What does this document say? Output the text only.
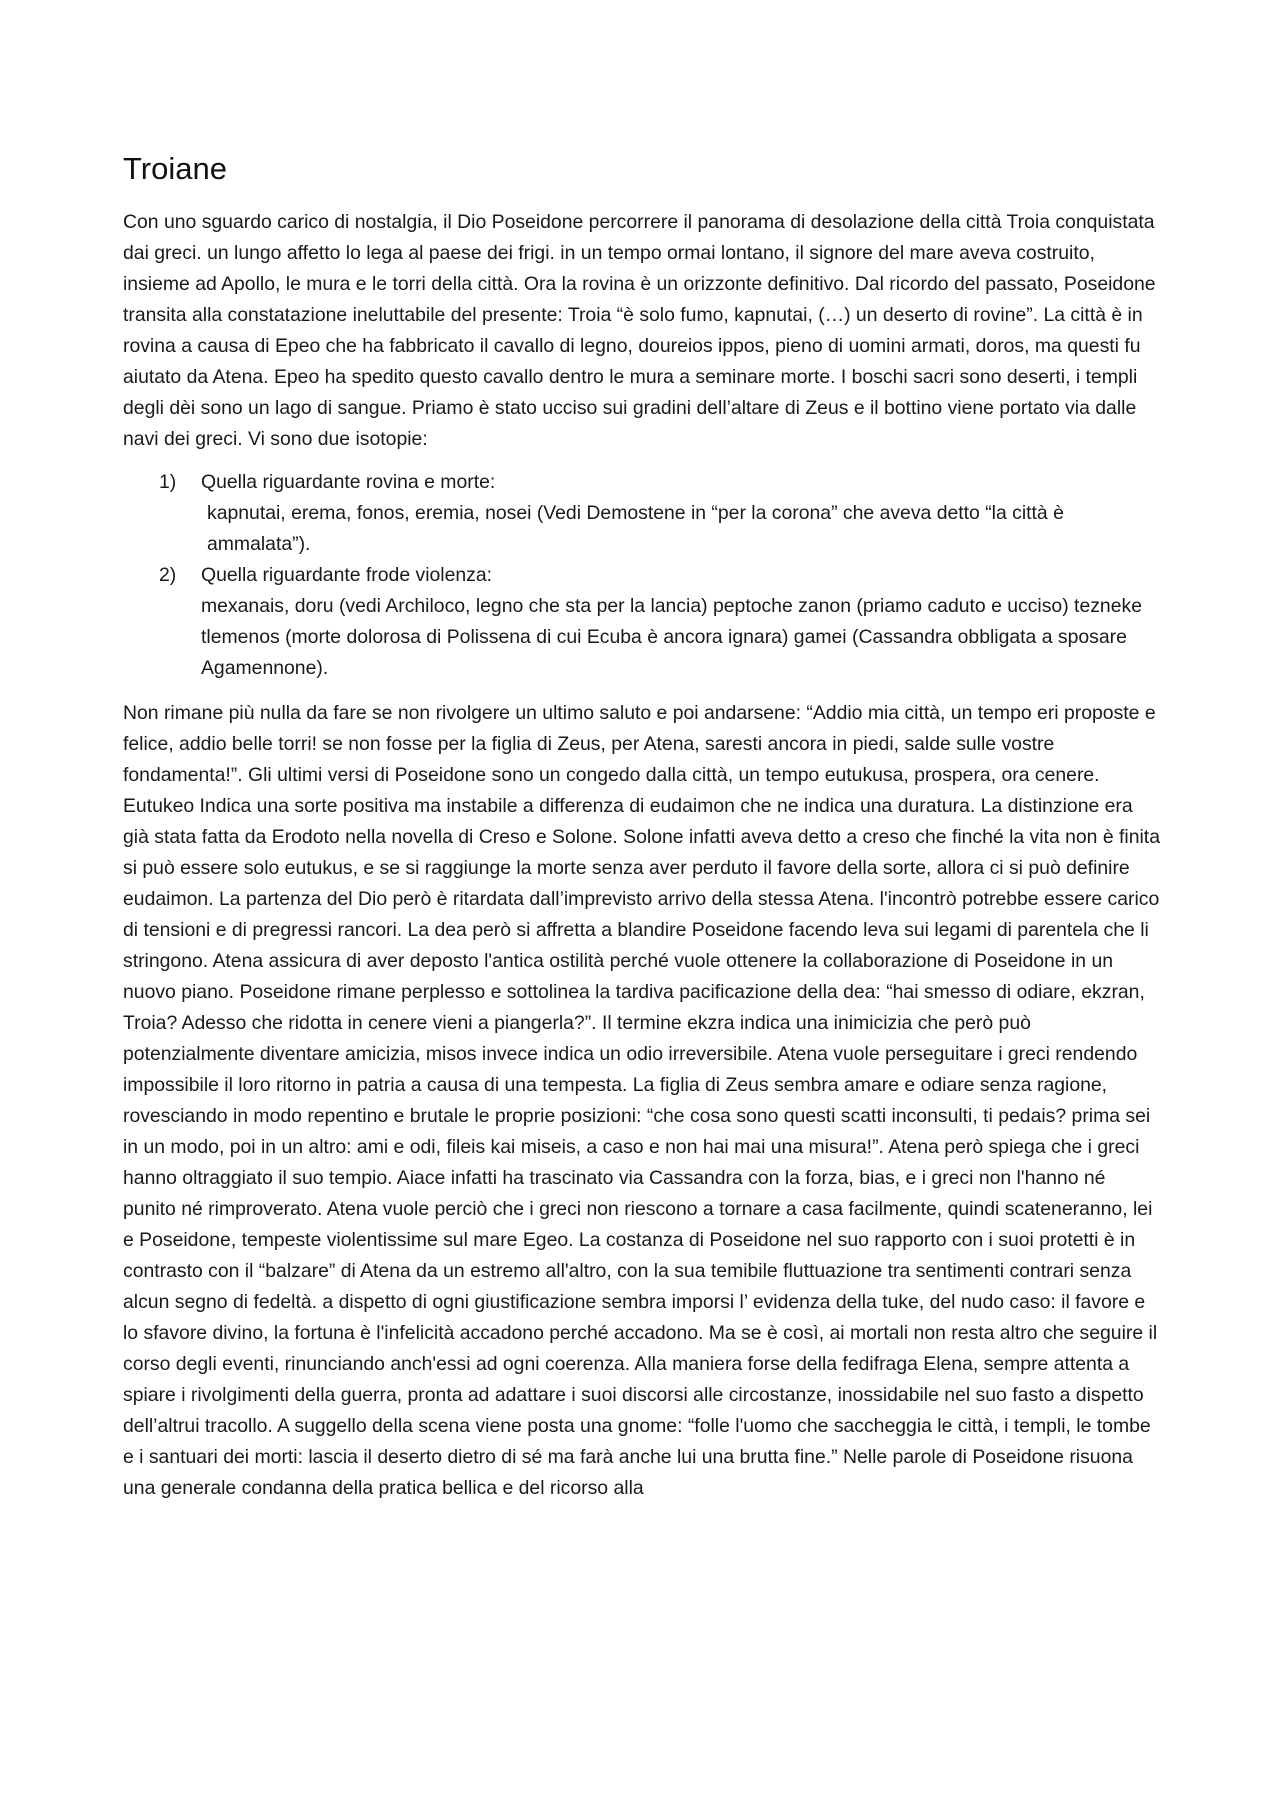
Troiane

Con uno sguardo carico di nostalgia, il Dio Poseidone percorrere il panorama di desolazione della città Troia conquistata dai greci. un lungo affetto lo lega al paese dei frigi. in un tempo ormai lontano, il signore del mare aveva costruito, insieme ad Apollo, le mura e le torri della città. Ora la rovina è un orizzonte definitivo. Dal ricordo del passato, Poseidone transita alla constatazione ineluttabile del presente: Troia “è solo fumo, kapnutai, (…) un deserto di rovine”. La città è in rovina a causa di Epeo che ha fabbricato il cavallo di legno, doureios ippos, pieno di uomini armati, doros, ma questi fu aiutato da Atena. Epeo ha spedito questo cavallo dentro le mura a seminare morte. I boschi sacri sono deserti, i templi degli dèi sono un lago di sangue. Priamo è stato ucciso sui gradini dell’altare di Zeus e il bottino viene portato via dalle navi dei greci. Vi sono due isotopie:

1) Quella riguardante rovina e morte:
kapnutai, erema, fonos, eremia, nosei (Vedi Demostene in “per la corona” che aveva detto “la città è ammalata”).
2) Quella riguardante frode violenza:
mexanais, doru (vedi Archiloco, legno che sta per la lancia) peptoche zanon (priamo caduto e ucciso) tezneke tlemenos (morte dolorosa di Polissena di cui Ecuba è ancora ignara) gamei (Cassandra obbligata a sposare Agamennone).

Non rimane più nulla da fare se non rivolgere un ultimo saluto e poi andarsene: “Addio mia città, un tempo eri proposte e felice, addio belle torri! se non fosse per la figlia di Zeus, per Atena, saresti ancora in piedi, salde sulle vostre fondamenta!”. Gli ultimi versi di Poseidone sono un congedo dalla città, un tempo eutukusa, prospera, ora cenere. Eutukeo Indica una sorte positiva ma instabile a differenza di eudaimon che ne indica una duratura. La distinzione era già stata fatta da Erodoto nella novella di Creso e Solone. Solone infatti aveva detto a creso che finché la vita non è finita si può essere solo eutukus, e se si raggiunge la morte senza aver perduto il favore della sorte, allora ci si può definire eudaimon. La partenza del Dio però è ritardata dall’imprevisto arrivo della stessa Atena. l'incontrò potrebbe essere carico di tensioni e di pregressi rancori. La dea però si affretta a blandire Poseidone facendo leva sui legami di parentela che li stringono. Atena assicura di aver deposto l'antica ostilità perché vuole ottenere la collaborazione di Poseidone in un nuovo piano. Poseidone rimane perplesso e sottolinea la tardiva pacificazione della dea: “hai smesso di odiare, ekzran, Troia? Adesso che ridotta in cenere vieni a piangerla?”. Il termine ekzra indica una inimicizia che però può potenzialmente diventare amicizia, misos invece indica un odio irreversibile. Atena vuole perseguitare i greci rendendo impossibile il loro ritorno in patria a causa di una tempesta. La figlia di Zeus sembra amare e odiare senza ragione, rovesciando in modo repentino e brutale le proprie posizioni: “che cosa sono questi scatti inconsulti, ti pedais? prima sei in un modo, poi in un altro: ami e odi, fileis kai miseis, a caso e non hai mai una misura!”. Atena però spiega che i greci hanno oltraggiato il suo tempio. Aiace infatti ha trascinato via Cassandra con la forza, bias, e i greci non l'hanno né punito né rimproverato. Atena vuole perciò che i greci non riescono a tornare a casa facilmente, quindi scateneranno, lei e Poseidone, tempeste violentissime sul mare Egeo. La costanza di Poseidone nel suo rapporto con i suoi protetti è in contrasto con il “balzare” di Atena da un estremo all'altro, con la sua temibile fluttuazione tra sentimenti contrari senza alcun segno di fedeltà. a dispetto di ogni giustificazione sembra imporsi l’ evidenza della tuke, del nudo caso: il favore e lo sfavore divino, la fortuna è l'infelicità accadono perché accadono. Ma se è così, ai mortali non resta altro che seguire il corso degli eventi, rinunciando anch'essi ad ogni coerenza. Alla maniera forse della fedifraga Elena, sempre attenta a spiare i rivolgimenti della guerra, pronta ad adattare i suoi discorsi alle circostanze, inossidabile nel suo fasto a dispetto dell’altrui tracollo. A suggello della scena viene posta una gnome: “folle l'uomo che saccheggia le città, i templi, le tombe e i santuari dei morti: lascia il deserto dietro di sé ma farà anche lui una brutta fine.” Nelle parole di Poseidone risuona una generale condanna della pratica bellica e del ricorso alla
